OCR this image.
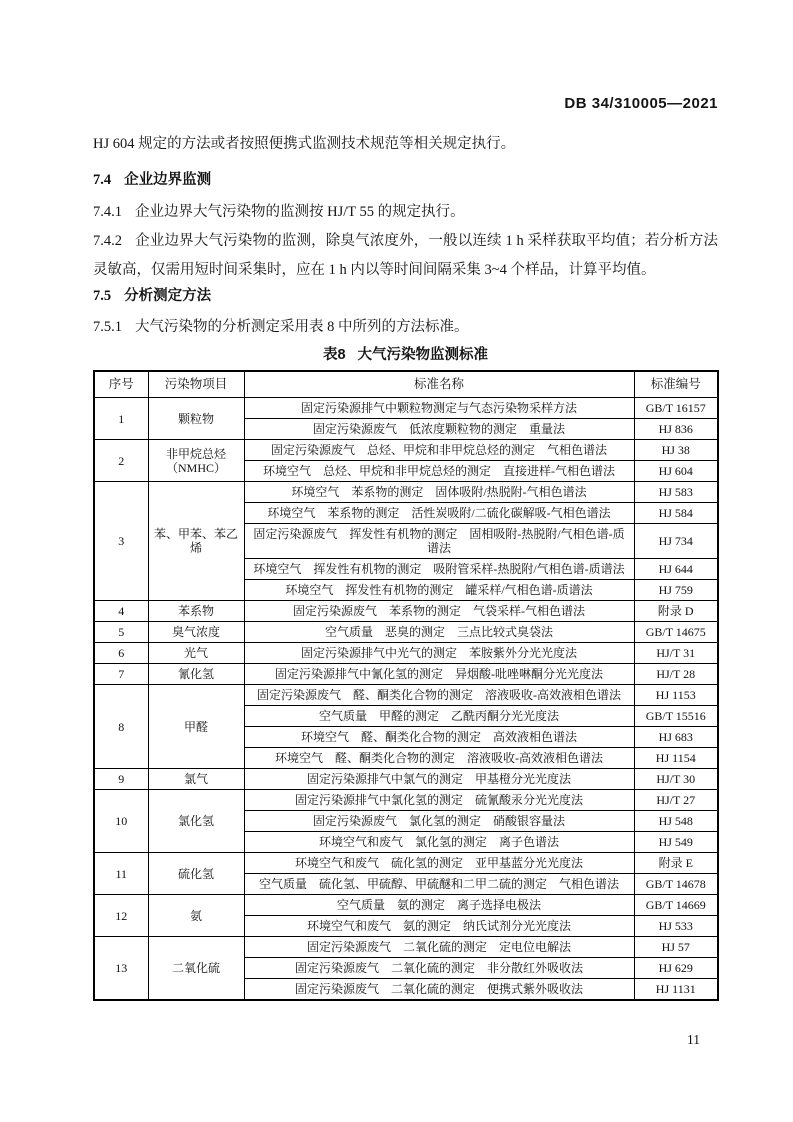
DB 34/310005—2021

HJ 604 规定的方法或者按照便携式监测技术规范等相关规定执行。

7.4 企业边界监测

7.4.1 企业边界大气污染物的监测按 HJ/T 55 的规定执行。

7.4.2 企业边界大气污染物的监测，除臭气浓度外，一般以连续 1 h 采样获取平均值；若分析方法灵敏高，仅需用短时间采集时，应在 1 h 内以等时间间隔采集 3~4 个样品，计算平均值。

7.5 分析测定方法

7.5.1 大气污染物的分析测定采用表 8 中所列的方法标准。

表8 大气污染物监测标准
序号	污染物项目	标准名称	标准编号
1	颗粒物	固定污染源排气中颗粒物测定与气态污染物采样方法	GB/T 16157
		固定污染源废气　低浓度颗粒物的测定　重量法	HJ 836
2	非甲烷总烃（NMHC）	固定污染源废气　总烃、甲烷和非甲烷总烃的测定　气相色谱法	HJ 38
		环境空气　总烃、甲烷和非甲烷总烃的测定　直接进样-气相色谱法	HJ 604
3	苯、甲苯、苯乙烯	环境空气　苯系物的测定　固体吸附/热脱附-气相色谱法	HJ 583
		环境空气　苯系物的测定　活性炭吸附/二硫化碳解吸-气相色谱法	HJ 584
		固定污染源废气　挥发性有机物的测定　固相吸附-热脱附/气相色谱-质谱法	HJ 734
		环境空气　挥发性有机物的测定　吸附管采样-热脱附/气相色谱-质谱法	HJ 644
		环境空气　挥发性有机物的测定　罐采样/气相色谱-质谱法	HJ 759
4	苯系物	固定污染源废气　苯系物的测定　气袋采样-气相色谱法	附录 D
5	臭气浓度	空气质量　恶臭的测定　三点比较式臭袋法	GB/T 14675
6	光气	固定污染源排气中光气的测定　苯胺紫外分光光度法	HJ/T 31
7	氰化氢	固定污染源排气中氰化氢的测定　异烟酸-吡唑啉酮分光光度法	HJ/T 28
8	甲醛	固定污染源废气　醛、酮类化合物的测定　溶液吸收-高效液相色谱法	HJ 1153
		空气质量　甲醛的测定　乙酰丙酮分光光度法	GB/T 15516
		环境空气　醛、酮类化合物的测定　高效液相色谱法	HJ 683
		环境空气　醛、酮类化合物的测定　溶液吸收-高效液相色谱法	HJ 1154
9	氯气	固定污染源排气中氯气的测定　甲基橙分光光度法	HJ/T 30
10	氯化氢	固定污染源排气中氯化氢的测定　硫氰酸汞分光光度法	HJ/T 27
		固定污染源废气　氯化氢的测定　硝酸银容量法	HJ 548
		环境空气和废气　氯化氢的测定　离子色谱法	HJ 549
11	硫化氢	环境空气和废气　硫化氢的测定　亚甲基蓝分光光度法	附录 E
		空气质量　硫化氢、甲硫醇、甲硫醚和二甲二硫的测定　气相色谱法	GB/T 14678
12	氨	空气质量　氨的测定　离子选择电极法	GB/T 14669
		环境空气和废气　氨的测定　纳氏试剂分光光度法	HJ 533
13	二氧化硫	固定污染源废气　二氧化硫的测定　定电位电解法	HJ 57
		固定污染源废气　二氧化硫的测定　非分散红外吸收法	HJ 629
		固定污染源废气　二氧化硫的测定　便携式紫外吸收法	HJ 1131
11
